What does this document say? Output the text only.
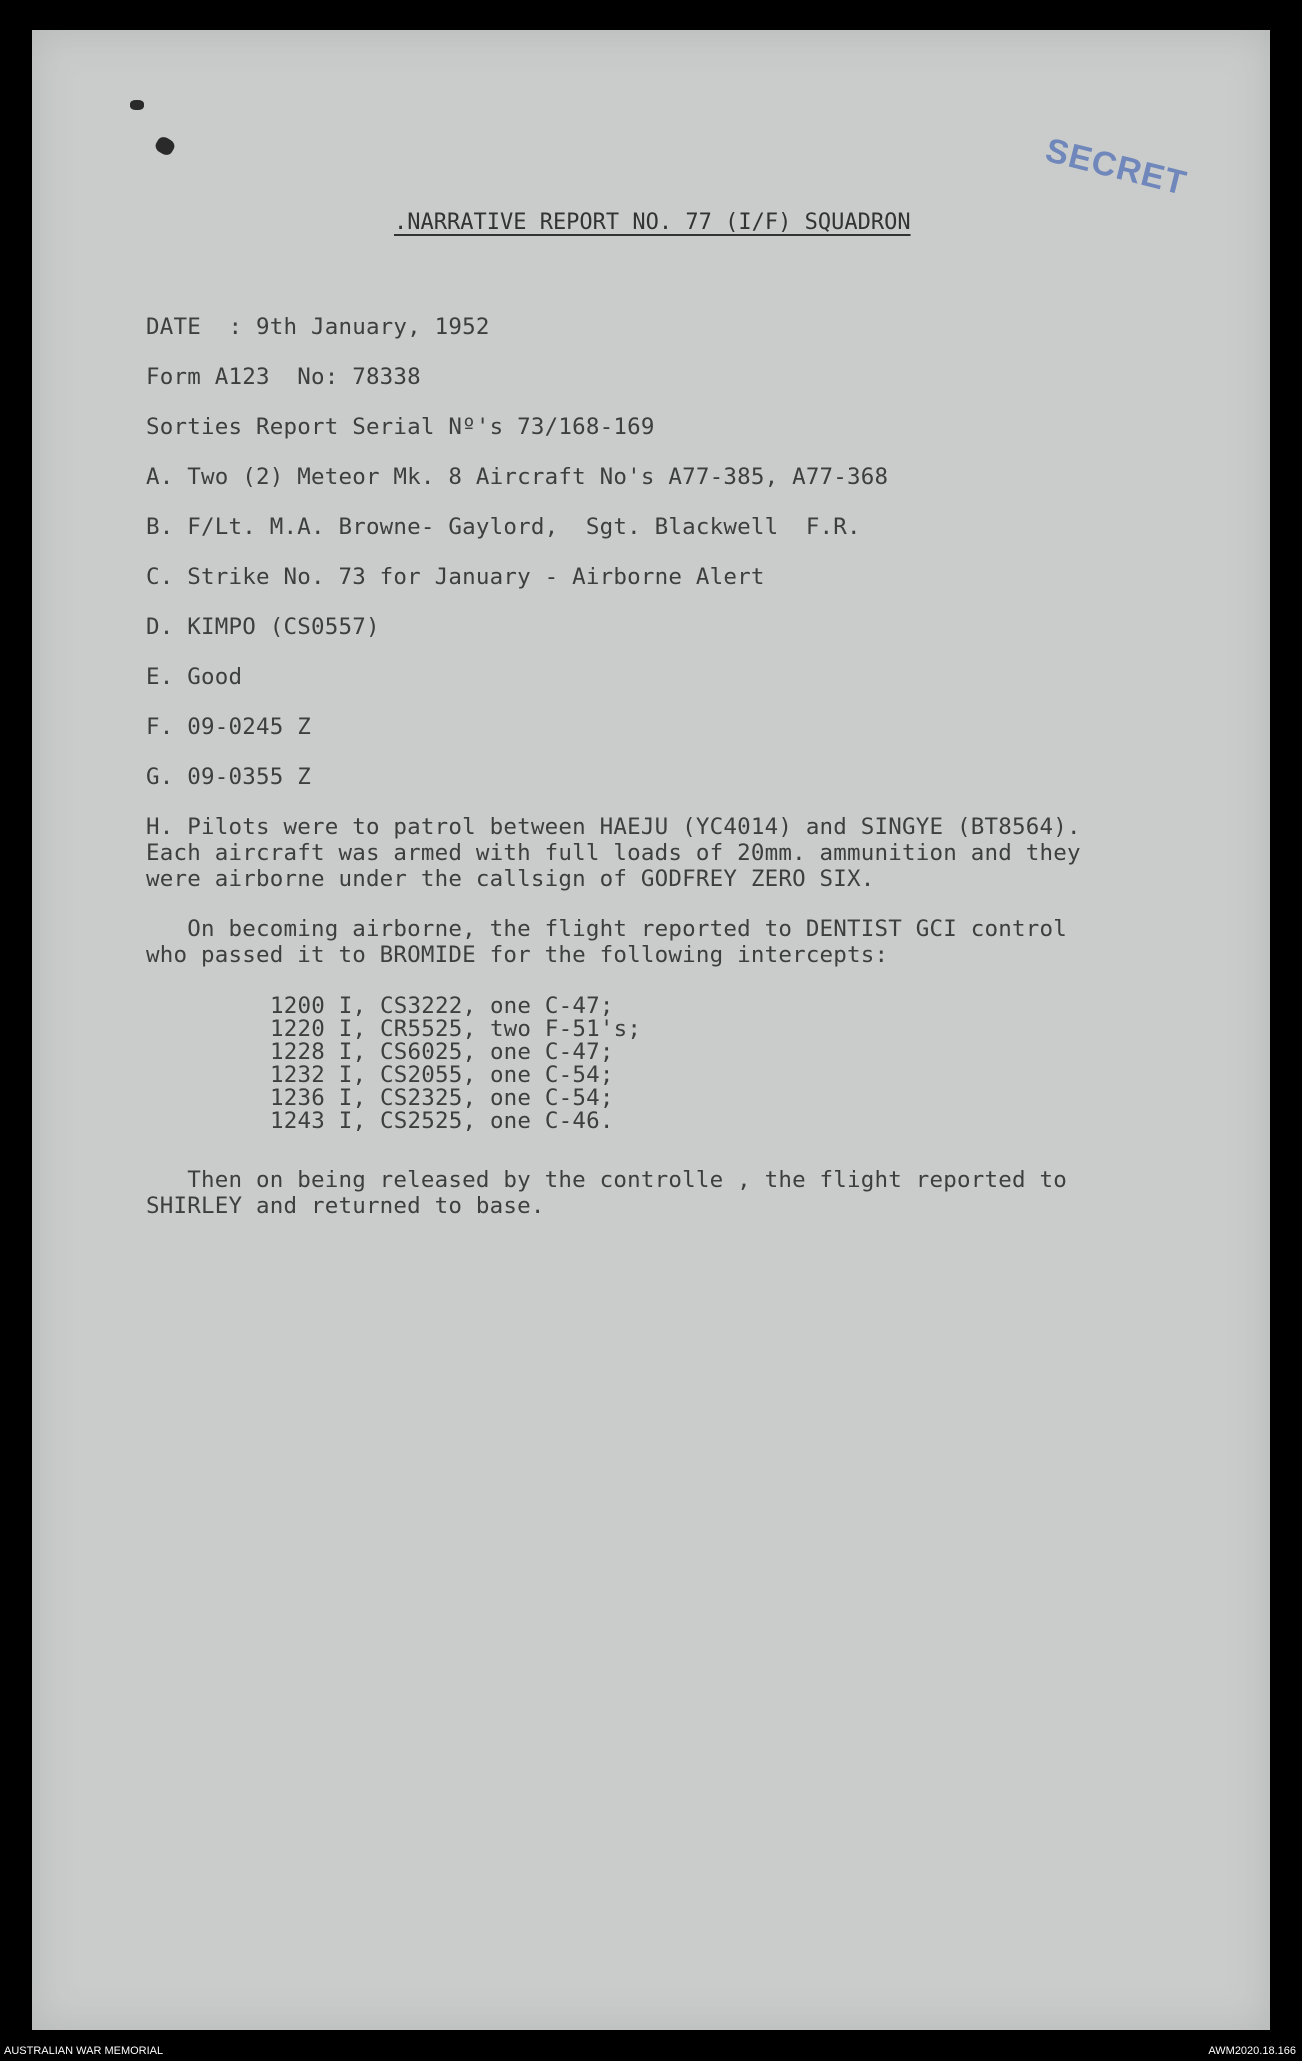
SECRET
.NARRATIVE REPORT NO. 77 (I/F) SQUADRON
DATE  : 9th January, 1952
Form A123  No: 78338
Sorties Report Serial Nº's 73/168-169
A. Two (2) Meteor Mk. 8 Aircraft No's A77-385, A77-368
B. F/Lt. M.A. Browne- Gaylord,  Sgt. Blackwell  F.R.
C. Strike No. 73 for January - Airborne Alert
D. KIMPO (CS0557)
E. Good
F. 09-0245 Z
G. 09-0355 Z
H. Pilots were to patrol between HAEJU (YC4014) and SINGYE (BT8564).
Each aircraft was armed with full loads of 20mm. ammunition and they
were airborne under the callsign of GODFREY ZERO SIX.
On becoming airborne, the flight reported to DENTIST GCI control
who passed it to BROMIDE for the following intercepts:
1200 I, CS3222, one C-47;
1220 I, CR5525, two F-51's;
1228 I, CS6025, one C-47;
1232 I, CS2055, one C-54;
1236 I, CS2325, one C-54;
1243 I, CS2525, one C-46.
Then on being released by the controlle , the flight reported to
SHIRLEY and returned to base.
AUSTRALIAN WAR MEMORIAL	AWM2020.18.166
